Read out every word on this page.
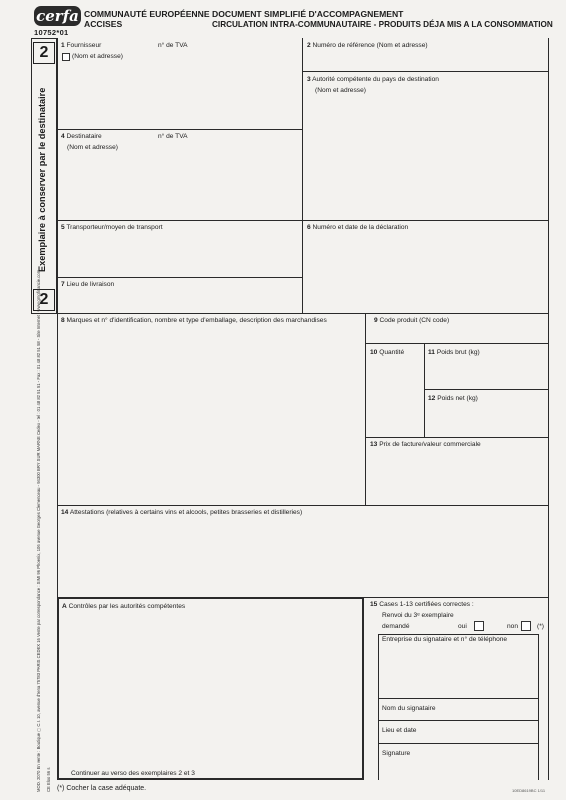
cerfa
10752*01
COMMUNAUTÉ EUROPÉENNE
ACCISES
DOCUMENT SIMPLIFIÉ D'ACCOMPAGNEMENT
CIRCULATION INTRA-COMMUNAUTAIRE - PRODUITS DÉJA MIS A LA CONSOMMATION
2
2
Exemplaire à conserver par le destinataire
MOD. 2070 En vente : Boutique ▢ C.I. 10, avenue d'Iena 75783 PARIS CEDEX 16 Vente par correspondance : SIMI 96 Phoenix, 106 avenue Georges Clemenceau - 94300 BRY SUR MARNE Cedex - tel : 01 48 82 51 51 - Fax : 01 48 82 51 58 - Site Internet : www.gmgfinancie.com CE Eloo 56 s
1 Fournisseur	n° de TVA
(Nom et adresse)
2 Numéro de référence (Nom et adresse)
3 Autorité compétente du pays de destination
(Nom et adresse)
4 Destinataire	n° de TVA
(Nom et adresse)
5 Transporteur/moyen de transport	6 Numéro et date de la déclaration
7 Lieu de livraison
8 Marques et n° d'identification, nombre et type d'emballage, description des marchandises	9 Code produit (CN code)
10 Quantité	11 Poids brut (kg)
12 Poids net (kg)
13 Prix de facture/valeur commerciale
14 Attestations (relatives à certains vins et alcools, petites brasseries et distilleries)
A Contrôles par les autorités compétentes
Continuer au verso des exemplaires 2 et 3
15 Cases 1-13 certifiées correctes :
Renvoi du 3ᵉ exemplaire
demandé	oui	non	(*)
Entreprise du signataire et n° de téléphone
Nom du signataire
Lieu et date
Signature
(*) Cocher la case adéquate.	10ED8619BC 1/11
